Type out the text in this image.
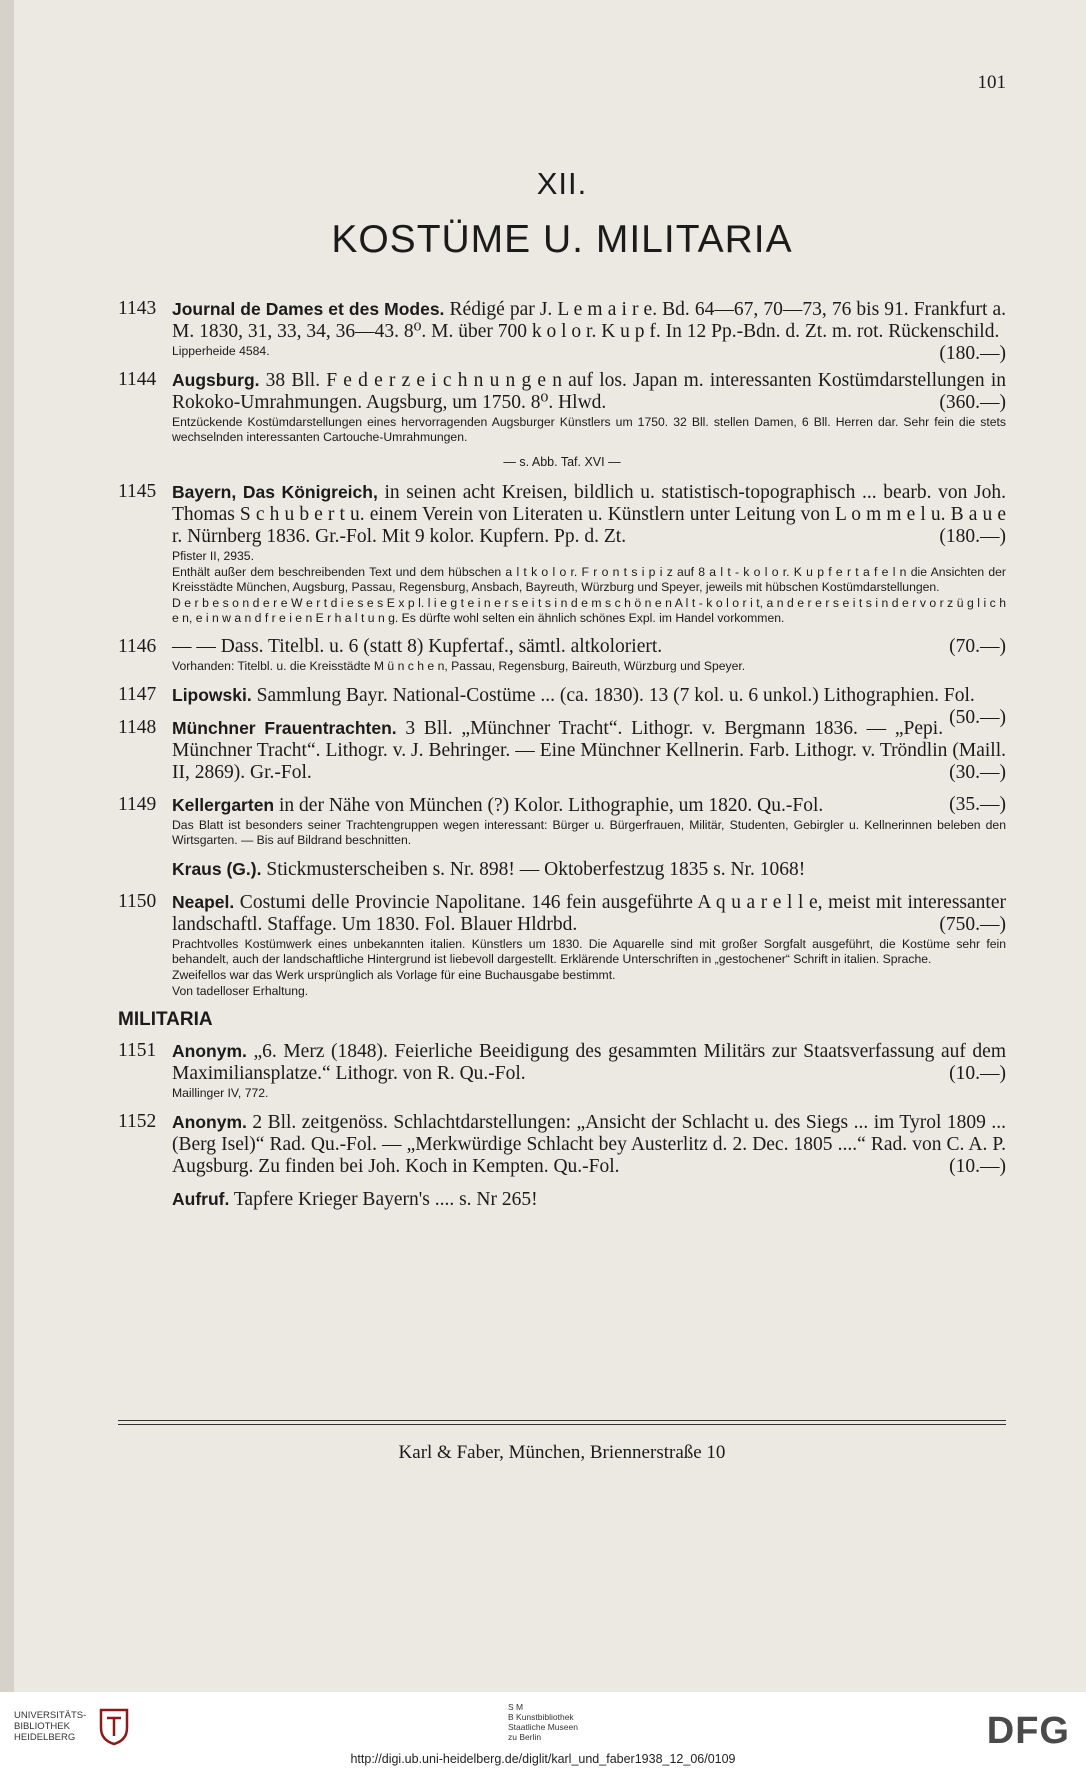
101
XII.
KOSTÜME U. MILITARIA
1143 Journal de Dames et des Modes. Rédigé par J. L e m a i r e. Bd. 64—67, 70—73, 76 bis 91. Frankfurt a. M. 1830, 31, 33, 34, 36—43. 8⁰. M. über 700 k o l o r. K u p f. In 12 Pp.-Bdn. d. Zt. m. rot. Rückenschild.
(180.—)
Lipperheide 4584.
1144 Augsburg. 38 Bll. F e d e r z e i c h n u n g e n auf los. Japan m. interessanten Kostümdarstellungen in Rokoko-Umrahmungen. Augsburg, um 1750. 8⁰. Hlwd.	(360.—)
Entzückende Kostümdarstellungen eines hervorragenden Augsburger Künstlers um 1750. 32 Bll. stellen Damen, 6 Bll. Herren dar. Sehr fein die stets wechselnden interessanten Cartouche-Umrahmungen.
— s. Abb. Taf. XVI —
1145 Bayern, Das Königreich, in seinen acht Kreisen, bildlich u. statistisch-topographisch ... bearb. von Joh. Thomas S c h u b e r t u. einem Verein von Literaten u. Künstlern unter Leitung von L o m m e l u. B a u e r. Nürnberg 1836. Gr.-Fol. Mit 9 kolor. Kupfern. Pp. d. Zt.	(180.—)
Pfister II, 2935.
Enthält außer dem beschreibenden Text und dem hübschen a l t k o l o r. F r o n t s i p i z auf 8 a l t - k o l o r. K u p f e r t a f e l n die Ansichten der Kreisstädte München, Augsburg, Passau, Regensburg, Ansbach, Bayreuth, Würzburg und Speyer, jeweils mit hübschen Kostümdarstellungen.
D e r b e s o n d e r e W e r t d i e s e s E x p l. l i e g t e i n e r s e i t s i n d e m s c h ö n e n A l t - k o l o r i t, a n d e r e r s e i t s i n d e r v o r z ü g l i c h e n, e i n w a n d f r e i e n E r h a l t u n g. Es dürfte wohl selten ein ähnlich schönes Expl. im Handel vorkommen.
1146 — — Dass. Titelbl. u. 6 (statt 8) Kupfertaf., sämtl. altkoloriert.	(70.—)
Vorhanden: Titelbl. u. die Kreisstädte M ü n c h e n, Passau, Regensburg, Baireuth, Würzburg und Speyer.
1147 Lipowski. Sammlung Bayr. National-Costüme ... (ca. 1830). 13 (7 kol. u. 6 unkol.) Lithographien. Fol.
(50.—)
1148 Münchner Frauentrachten. 3 Bll. „Münchner Tracht“. Lithogr. v. Bergmann 1836. — „Pepi. Münchner Tracht“. Lithogr. v. J. Behringer. — Eine Münchner Kellnerin. Farb. Lithogr. v. Tröndlin (Maill. II, 2869). Gr.-Fol.	(30.—)
1149 Kellergarten in der Nähe von München (?) Kolor. Lithographie, um 1820. Qu.-Fol.	(35.—)
Das Blatt ist besonders seiner Trachtengruppen wegen interessant: Bürger u. Bürgerfrauen, Militär, Studenten, Gebirgler u. Kellnerinnen beleben den Wirtsgarten. — Bis auf Bildrand beschnitten.
Kraus (G.). Stickmusterscheiben s. Nr. 898! — Oktoberfestzug 1835 s. Nr. 1068!
1150 Neapel. Costumi delle Provincie Napolitane. 146 fein ausgeführte A q u a r e l l e, meist mit interessanter landschaftl. Staffage. Um 1830. Fol. Blauer Hldrbd.	(750.—)
Prachtvolles Kostümwerk eines unbekannten italien. Künstlers um 1830. Die Aquarelle sind mit großer Sorgfalt ausgeführt, die Kostüme sehr fein behandelt, auch der landschaftliche Hintergrund ist liebevoll dargestellt. Erklärende Unterschriften in „gestochener“ Schrift in italien. Sprache.
Zweifellos war das Werk ursprünglich als Vorlage für eine Buchausgabe bestimmt.
Von tadelloser Erhaltung.
MILITARIA
1151 Anonym. „6. Merz (1848). Feierliche Beeidigung des gesammten Militärs zur Staatsverfassung auf dem Maximiliansplatze.“ Lithogr. von R. Qu.-Fol.	(10.—)
Maillinger IV, 772.
1152 Anonym. 2 Bll. zeitgenöss. Schlachtdarstellungen: „Ansicht der Schlacht u. des Siegs ... im Tyrol 1809 ... (Berg Isel)“ Rad. Qu.-Fol. — „Merkwürdige Schlacht bey Austerlitz d. 2. Dec. 1805 ....“ Rad. von C. A. P. Augsburg. Zu finden bei Joh. Koch in Kempten. Qu.-Fol.	(10.—)
Aufruf. Tapfere Krieger Bayern's .... s. Nr 265!
Karl & Faber, München, Briennerstraße 10
UNIVERSITÄTS-
BIBLIOTHEK
HEIDELBERG
S M
B Kunstbibliothek
Staatliche Museen
zu Berlin	DFG
http://digi.ub.uni-heidelberg.de/diglit/karl_und_faber1938_12_06/0109
